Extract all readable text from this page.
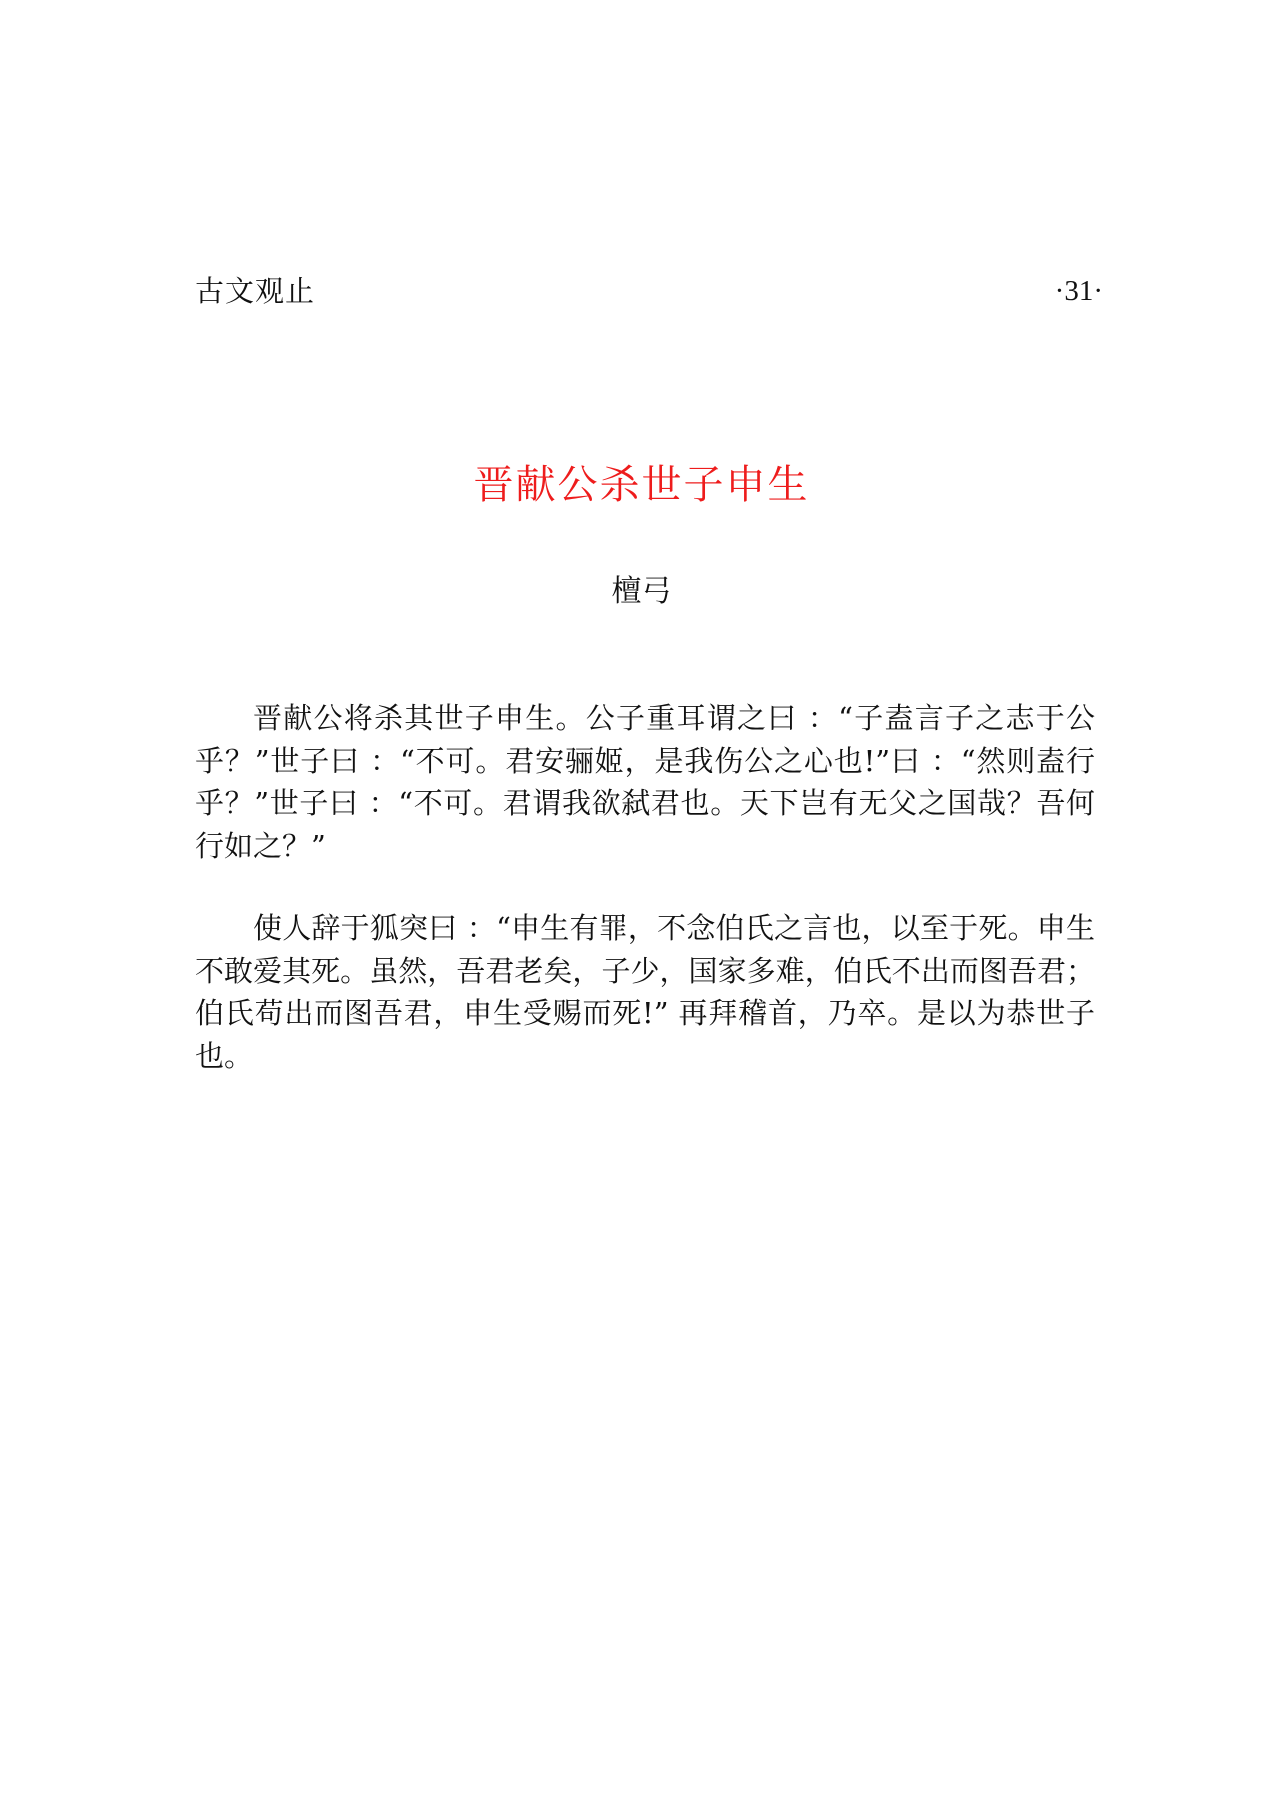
古文观止	·31·
晋献公杀世子申生
檀弓

晋献公将杀其世子申生。公子重耳谓之曰 ：“子盍言子之志于公乎？”世子曰 ：“不可。君安骊姬，是我伤公之心也!”曰 ：“然则盍行乎？”世子曰 ：“不可。君谓我欲弑君也。天下岂有无父之国哉？吾何行如之？”

使人辞于狐突曰 ：“申生有罪，不念伯氏之言也，以至于死。申生不敢爱其死。虽然，吾君老矣，子少，国家多难，伯氏不出而图吾君；伯氏苟出而图吾君，申生受赐而死!” 再拜稽首，乃卒。是以为恭世子也。
